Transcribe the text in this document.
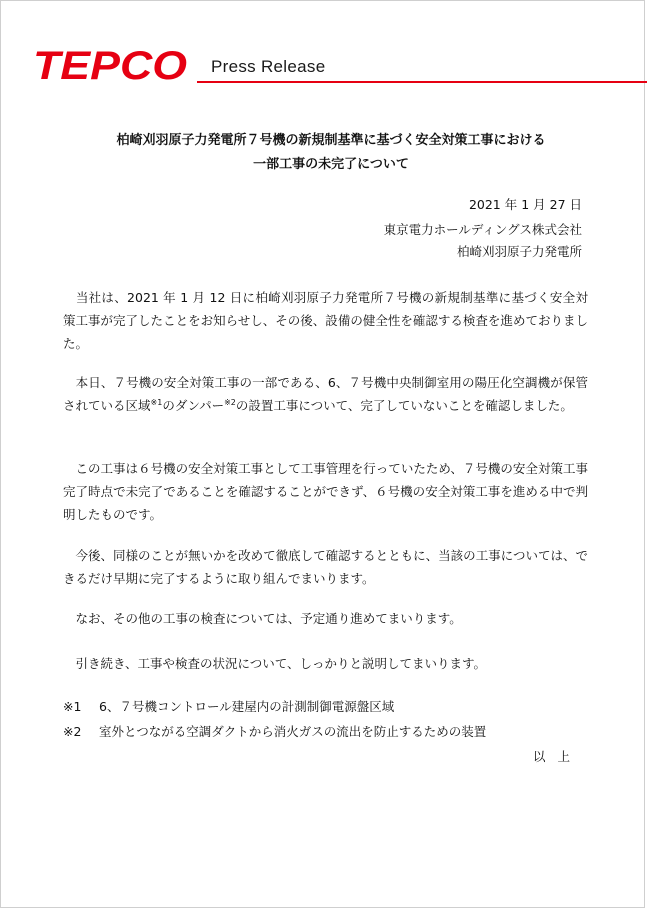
TEPCO Press Release
柏崎刈羽原子力発電所７号機の新規制基準に基づく安全対策工事における
一部工事の未完了について
2021 年 1 月 27 日
東京電力ホールディングス株式会社
柏崎刈羽原子力発電所
　当社は、2021 年 1 月 12 日に柏崎刈羽原子力発電所７号機の新規制基準に基づく安全対策工事が完了したことをお知らせし、その後、設備の健全性を確認する検査を進めておりました。
　本日、７号機の安全対策工事の一部である、6、７号機中央制御室用の陽圧化空調機が保管されている区域$^{※1}$のダンパー$^{※2}$の設置工事について、完了していないことを確認しました。
　この工事は６号機の安全対策工事として工事管理を行っていたため、７号機の安全対策工事完了時点で未完了であることを確認することができず、６号機の安全対策工事を進める中で判明したものです。
　今後、同様のことが無いかを改めて徹底して確認するとともに、当該の工事については、できるだけ早期に完了するように取り組んでまいります。
　なお、その他の工事の検査については、予定通り進めてまいります。
　引き続き、工事や検査の状況について、しっかりと説明してまいります。
※1 6、７号機コントロール建屋内の計測制御電源盤区域
※2 室外とつながる空調ダクトから消火ガスの流出を防止するための装置
以上
